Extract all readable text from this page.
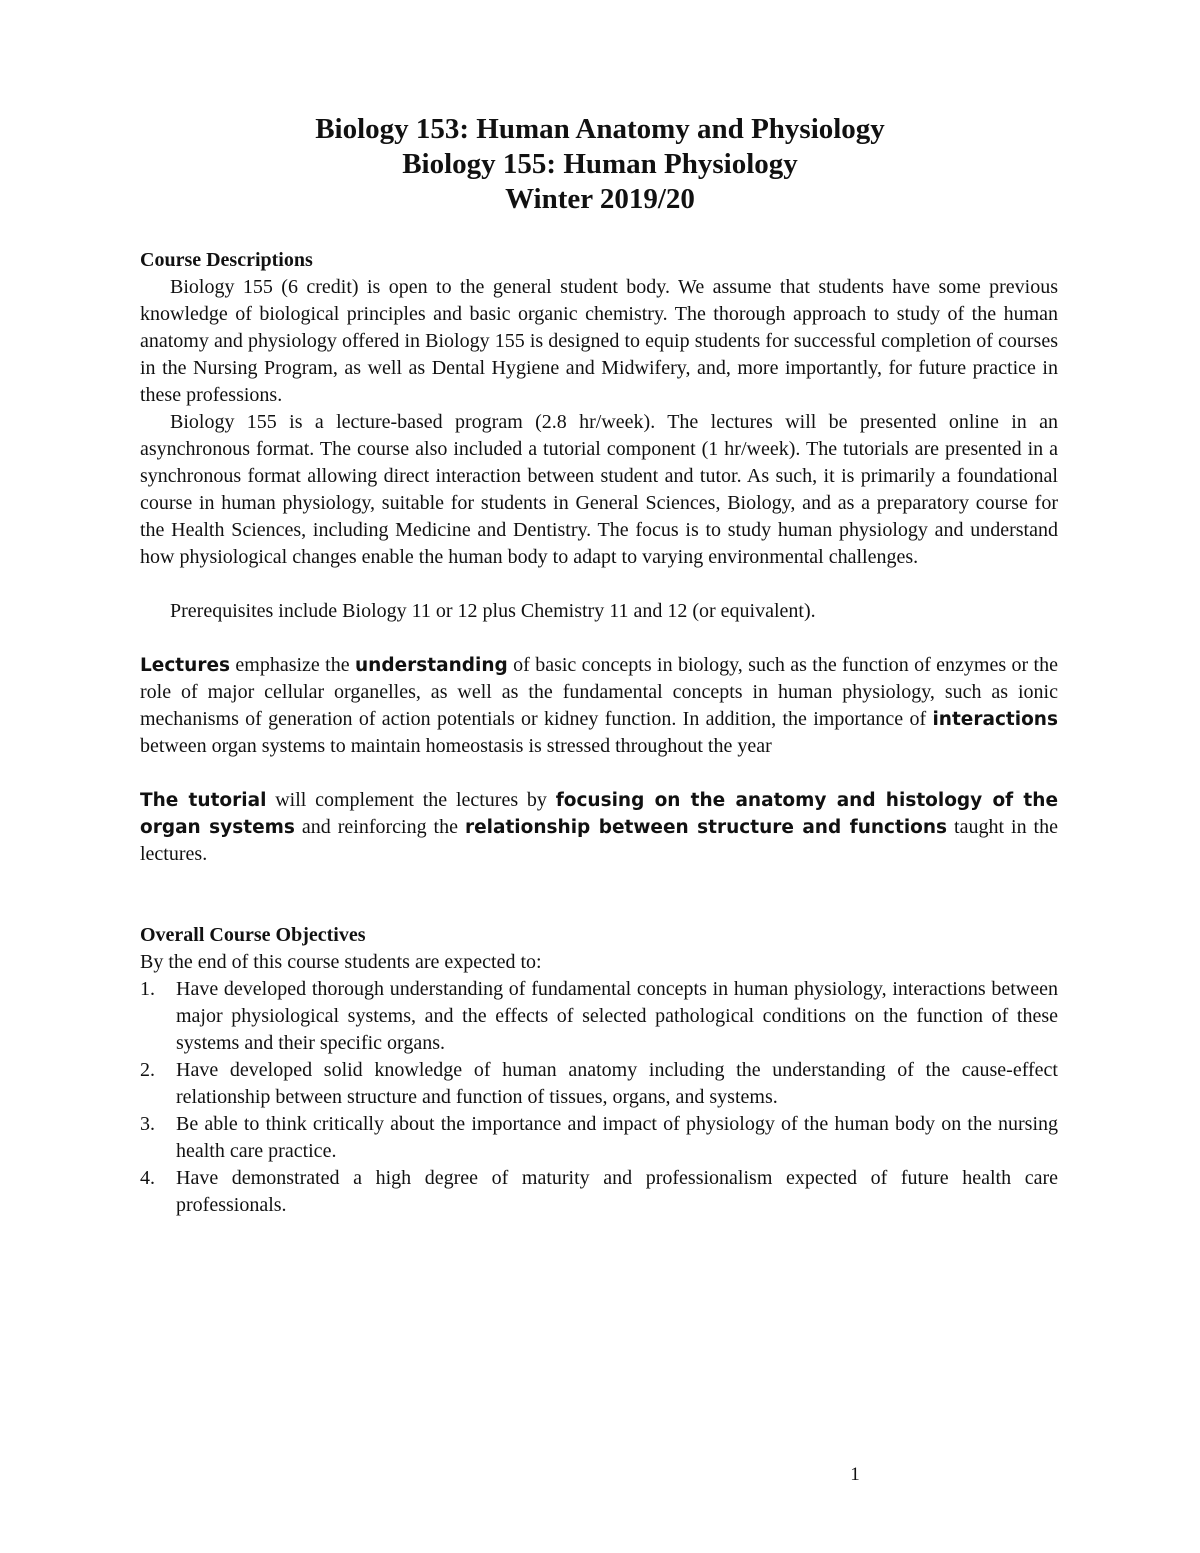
Biology 153: Human Anatomy and Physiology
Biology 155: Human Physiology
Winter 2019/20

Course Descriptions

Biology 155 (6 credit) is open to the general student body. We assume that students have some previous knowledge of biological principles and basic organic chemistry. The thorough approach to study of the human anatomy and physiology offered in Biology 155 is designed to equip students for successful completion of courses in the Nursing Program, as well as Dental Hygiene and Midwifery, and, more importantly, for future practice in these professions.

Biology 155 is a lecture-based program (2.8 hr/week). The lectures will be presented online in an asynchronous format. The course also included a tutorial component (1 hr/week). The tutorials are presented in a synchronous format allowing direct interaction between student and tutor. As such, it is primarily a foundational course in human physiology, suitable for students in General Sciences, Biology, and as a preparatory course for the Health Sciences, including Medicine and Dentistry. The focus is to study human physiology and understand how physiological changes enable the human body to adapt to varying environmental challenges.

Prerequisites include Biology 11 or 12 plus Chemistry 11 and 12 (or equivalent).

Lectures emphasize the understanding of basic concepts in biology, such as the function of enzymes or the role of major cellular organelles, as well as the fundamental concepts in human physiology, such as ionic mechanisms of generation of action potentials or kidney function. In addition, the importance of interactions between organ systems to maintain homeostasis is stressed throughout the year

The tutorial will complement the lectures by focusing on the anatomy and histology of the organ systems and reinforcing the relationship between structure and functions taught in the lectures.

Overall Course Objectives

By the end of this course students are expected to:

1. Have developed thorough understanding of fundamental concepts in human physiology, interactions between major physiological systems, and the effects of selected pathological conditions on the function of these systems and their specific organs.
2. Have developed solid knowledge of human anatomy including the understanding of the cause-effect relationship between structure and function of tissues, organs, and systems.
3. Be able to think critically about the importance and impact of physiology of the human body on the nursing health care practice.
4. Have demonstrated a high degree of maturity and professionalism expected of future health care professionals.
1
